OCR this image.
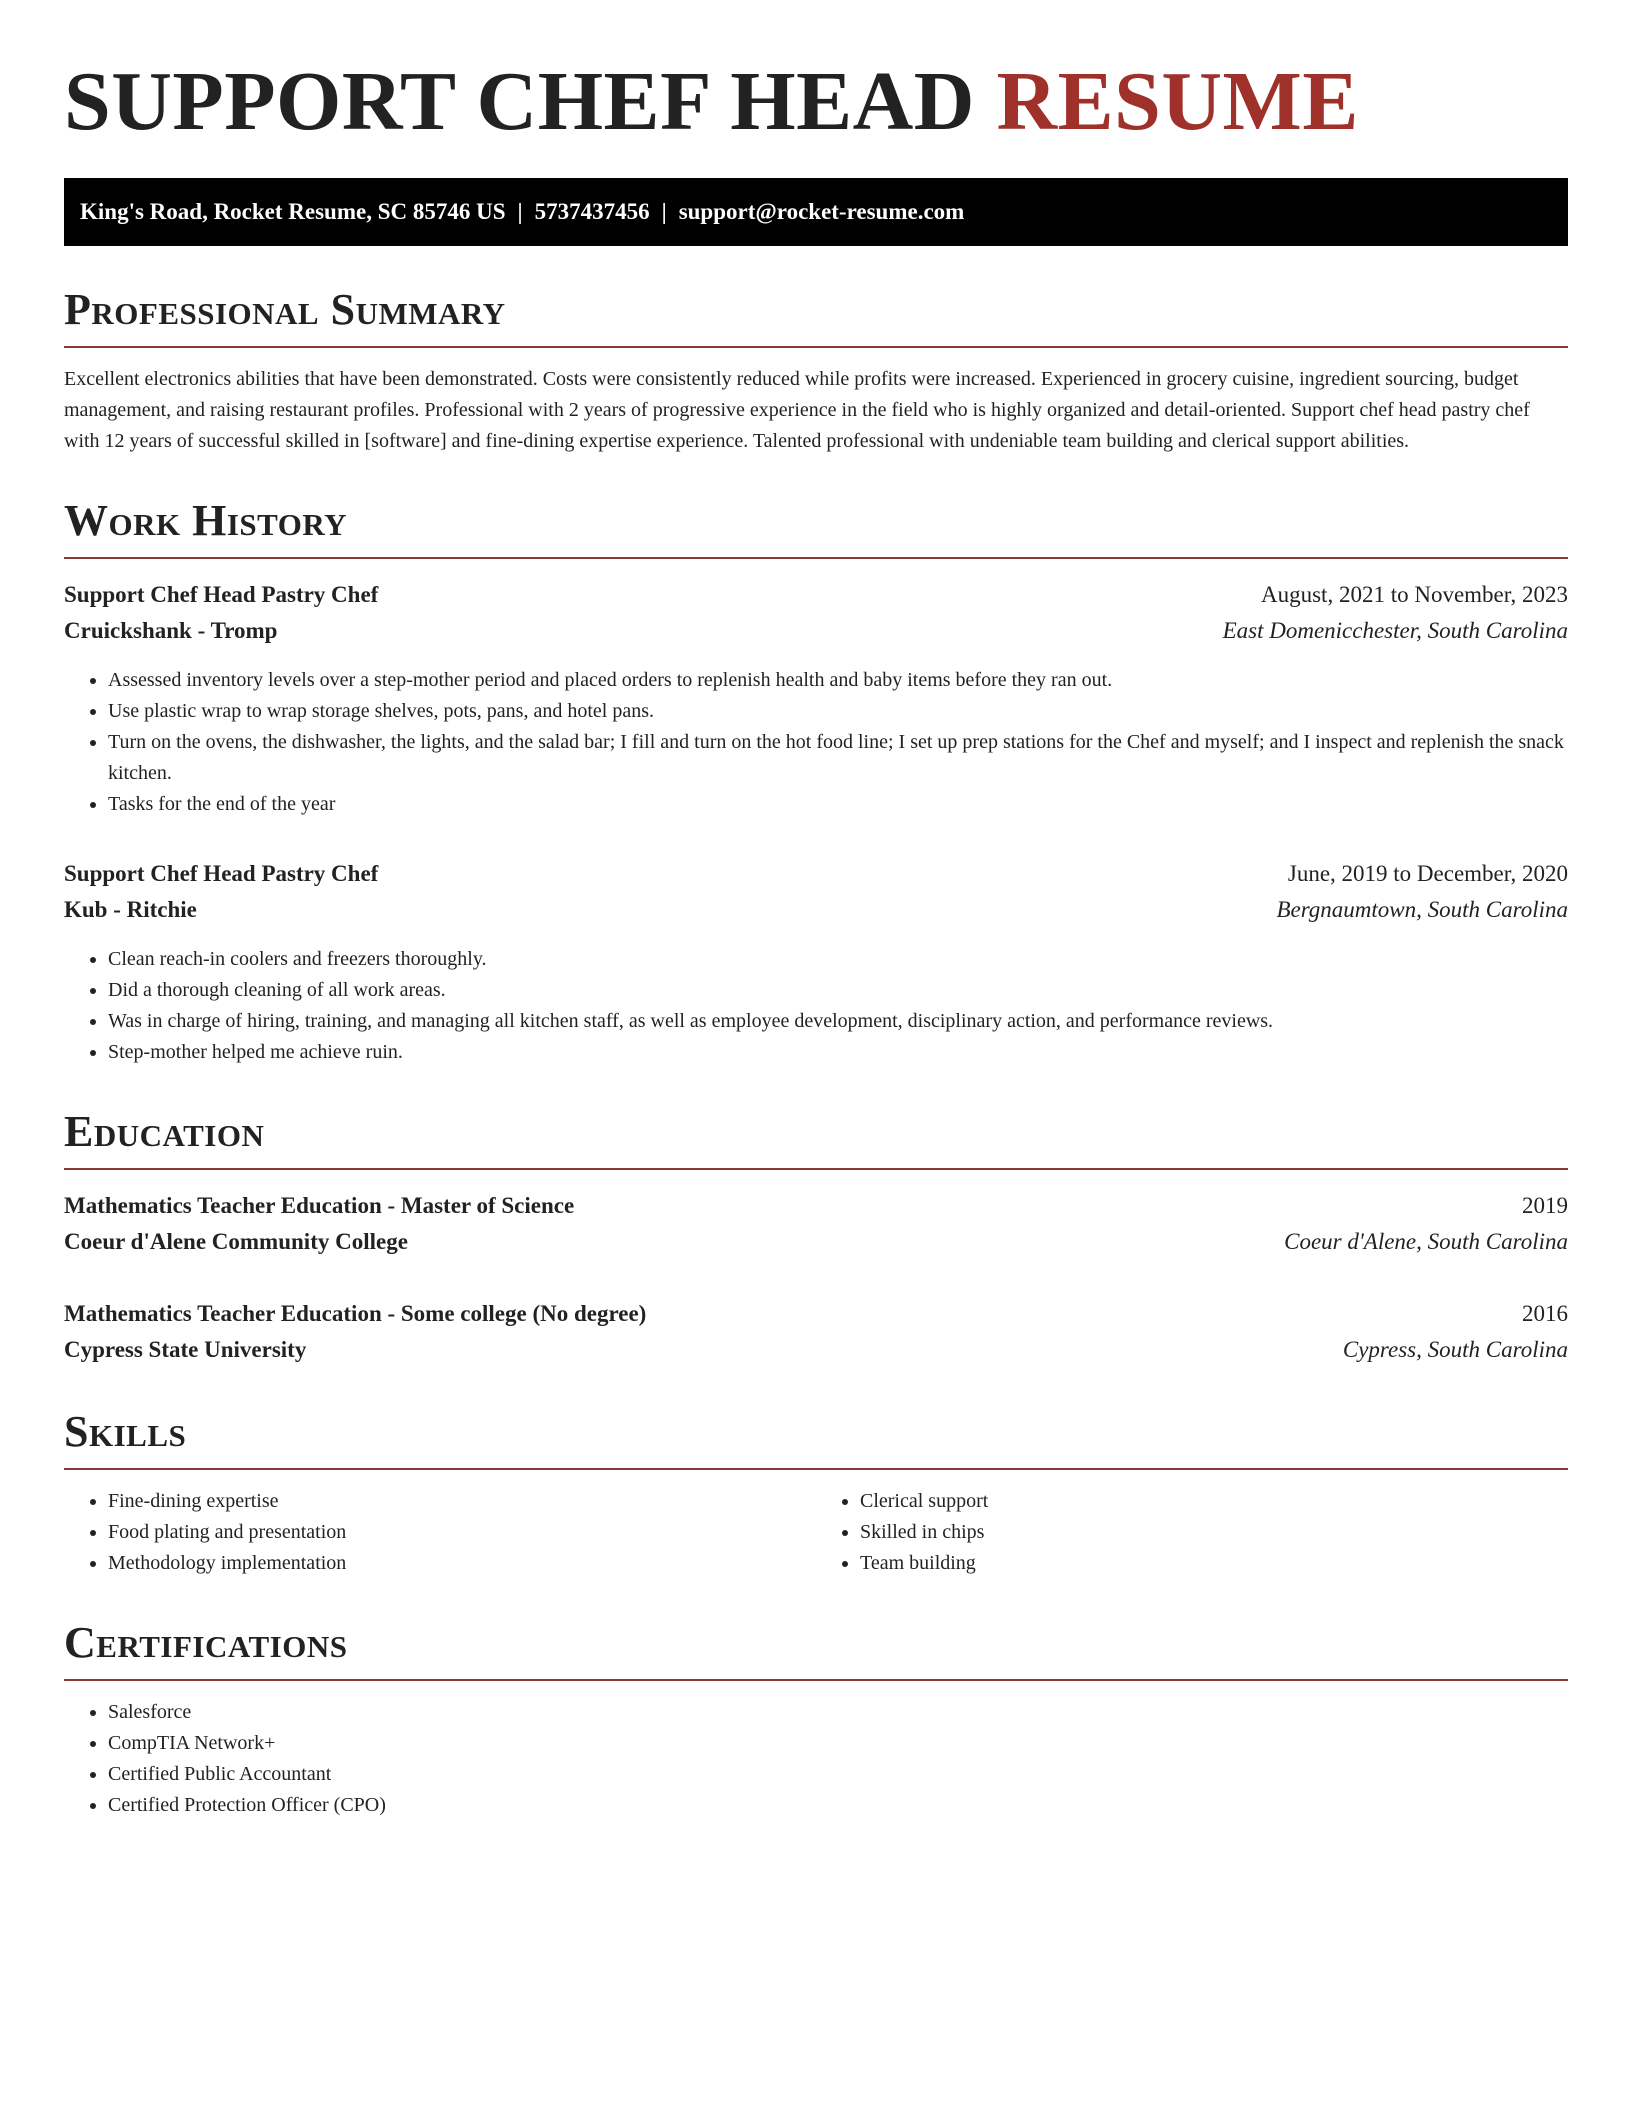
SUPPORT CHEF HEAD RESUME
King's Road, Rocket Resume, SC 85746 US | 5737437456 | support@rocket-resume.com
Professional Summary

Excellent electronics abilities that have been demonstrated. Costs were consistently reduced while profits were increased. Experienced in grocery cuisine, ingredient sourcing, budget management, and raising restaurant profiles. Professional with 2 years of progressive experience in the field who is highly organized and detail-oriented. Support chef head pastry chef with 12 years of successful skilled in [software] and fine-dining expertise experience. Talented professional with undeniable team building and clerical support abilities.

Work History
Support Chef Head Pastry Chef	August, 2021 to November, 2023
Cruickshank - Tromp	East Domenicchester, South Carolina
• Assessed inventory levels over a step-mother period and placed orders to replenish health and baby items before they ran out.
• Use plastic wrap to wrap storage shelves, pots, pans, and hotel pans.
• Turn on the ovens, the dishwasher, the lights, and the salad bar; I fill and turn on the hot food line; I set up prep stations for the Chef and myself; and I inspect and replenish the snack kitchen.
• Tasks for the end of the year
Support Chef Head Pastry Chef	June, 2019 to December, 2020
Kub - Ritchie	Bergnaumtown, South Carolina
• Clean reach-in coolers and freezers thoroughly.
• Did a thorough cleaning of all work areas.
• Was in charge of hiring, training, and managing all kitchen staff, as well as employee development, disciplinary action, and performance reviews.
• Step-mother helped me achieve ruin.
Education
Mathematics Teacher Education - Master of Science	2019
Coeur d'Alene Community College	Coeur d'Alene, South Carolina
Mathematics Teacher Education - Some college (No degree)	2016
Cypress State University	Cypress, South Carolina
Skills
• Fine-dining expertise
• Food plating and presentation
• Methodology implementation
• Clerical support
• Skilled in chips
• Team building
Certifications
• Salesforce
• CompTIA Network+
• Certified Public Accountant
• Certified Protection Officer (CPO)
